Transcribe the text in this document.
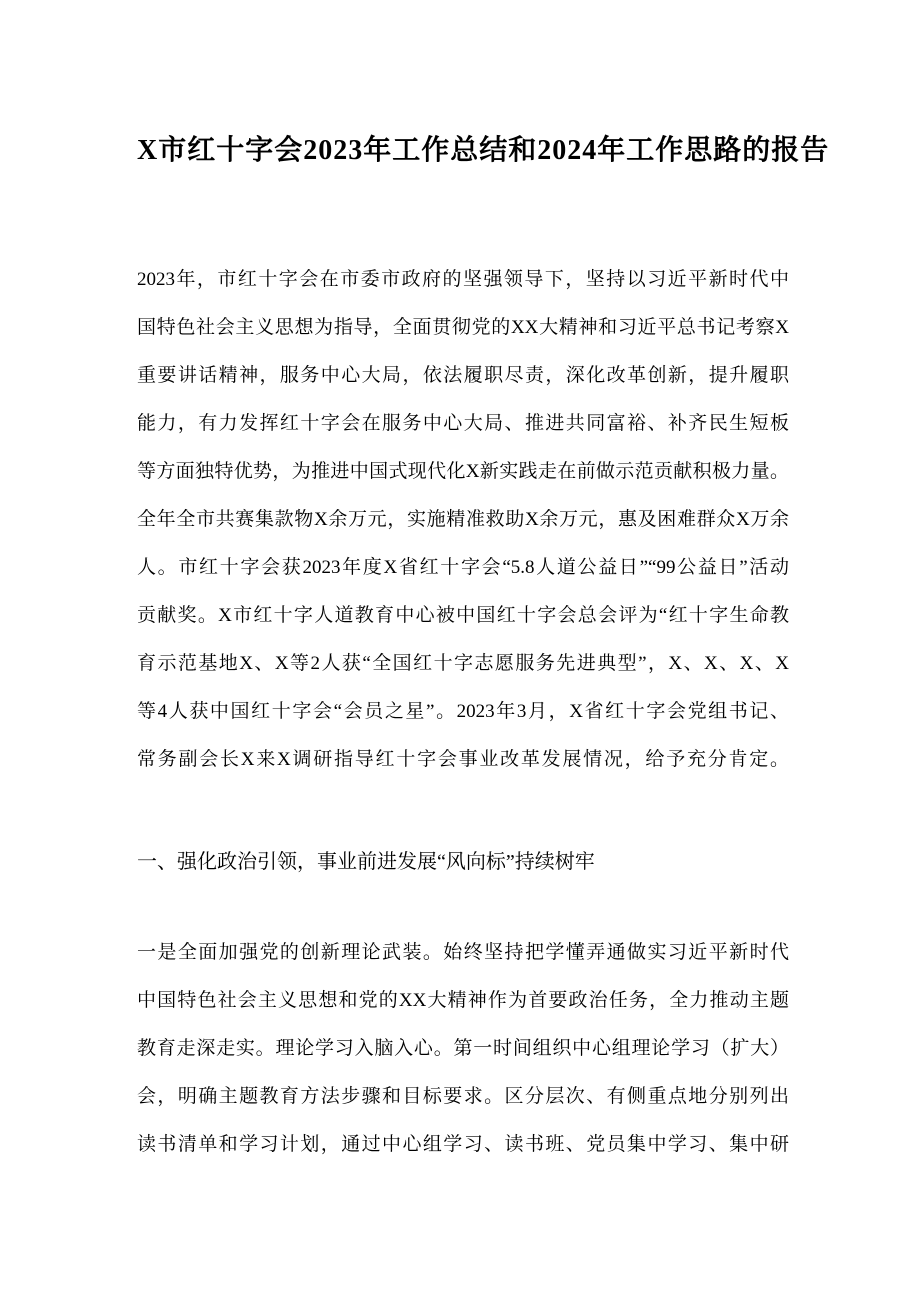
X市红十字会2023年工作总结和2024年工作思路的报告
2023年，市红十字会在市委市政府的坚强领导下，坚持以习近平新时代中
国特色社会主义思想为指导，全面贯彻党的XX大精神和习近平总书记考察X
重要讲话精神，服务中心大局，依法履职尽责，深化改革创新，提升履职
能力，有力发挥红十字会在服务中心大局、推进共同富裕、补齐民生短板
等方面独特优势，为推进中国式现代化X新实践走在前做示范贡献积极力量。
全年全市共赛集款物X余万元，实施精准救助X余万元，惠及困难群众X万余
人。市红十字会获2023年度X省红十字会“5.8人道公益日”“99公益日”活动
贡献奖。X市红十字人道教育中心被中国红十字会总会评为“红十字生命教
育示范基地X、X等2人获“全国红十字志愿服务先进典型”，X、X、X、X
等4人获中国红十字会“会员之星”。2023年3月，X省红十字会党组书记、
常务副会长X来X调研指导红十字会事业改革发展情况，给予充分肯定。
一、强化政治引领，事业前进发展“风向标”持续树牢
一是全面加强党的创新理论武装。始终坚持把学懂弄通做实习近平新时代
中国特色社会主义思想和党的XX大精神作为首要政治任务，全力推动主题
教育走深走实。理论学习入脑入心。第一时间组织中心组理论学习（扩大）
会，明确主题教育方法步骤和目标要求。区分层次、有侧重点地分别列出
读书清单和学习计划，通过中心组学习、读书班、党员集中学习、集中研
